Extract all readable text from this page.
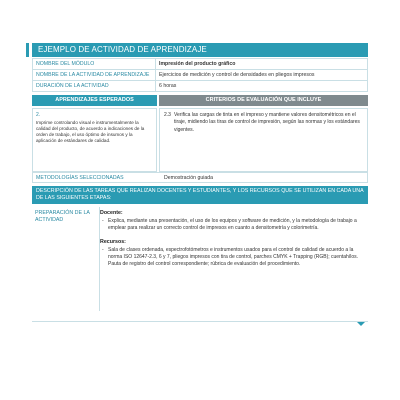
EJEMPLO DE ACTIVIDAD DE APRENDIZAJE
NOMBRE DEL MÓDULO	Impresión del producto gráfico
NOMBRE DE LA ACTIVIDAD DE APRENDIZAJE	Ejercicios de medición y control de densidades en pliegos impresos
DURACIÓN DE LA ACTIVIDAD	6 horas
APRENDIZAJES ESPERADOS	CRITERIOS DE EVALUACIÓN QUE INCLUYE
2.
Imprime controlando visual e instrumentalmente la calidad del producto, de acuerdo a indicaciones de la orden de trabajo, el uso óptimo de insumos y la aplicación de estándares de calidad.
2.3 Verifica las cargas de tinta en el impreso y mantiene valores densitométricos en el tiraje, midiendo las tiras de control de impresión, según las normas y los estándares vigentes.
METODOLOGÍAS SELECCIONADAS	Demostración guiada
DESCRIPCIÓN DE LAS TAREAS QUE REALIZAN DOCENTES Y ESTUDIANTES, Y LOS RECURSOS QUE SE UTILIZAN EN CADA UNA DE LAS SIGUIENTES ETAPAS:
PREPARACIÓN DE LA ACTIVIDAD
Docente:
- Explica, mediante una presentación, el uso de los equipos y software de medición, y la metodología de trabajo a emplear para realizar un correcto control de impresos en cuanto a densitometría y colorimetría.
Recursos:
- Sala de clases ordenada, espectrofotómetros e instrumentos usados para el control de calidad de acuerdo a la norma ISO 12647-2.3, 6 y 7, pliegos impresos con tira de control, parches CMYK + Trapping (RGB); cuentahílos. Pauta de registro del control correspondiente; rúbrica de evaluación del procedimiento.
